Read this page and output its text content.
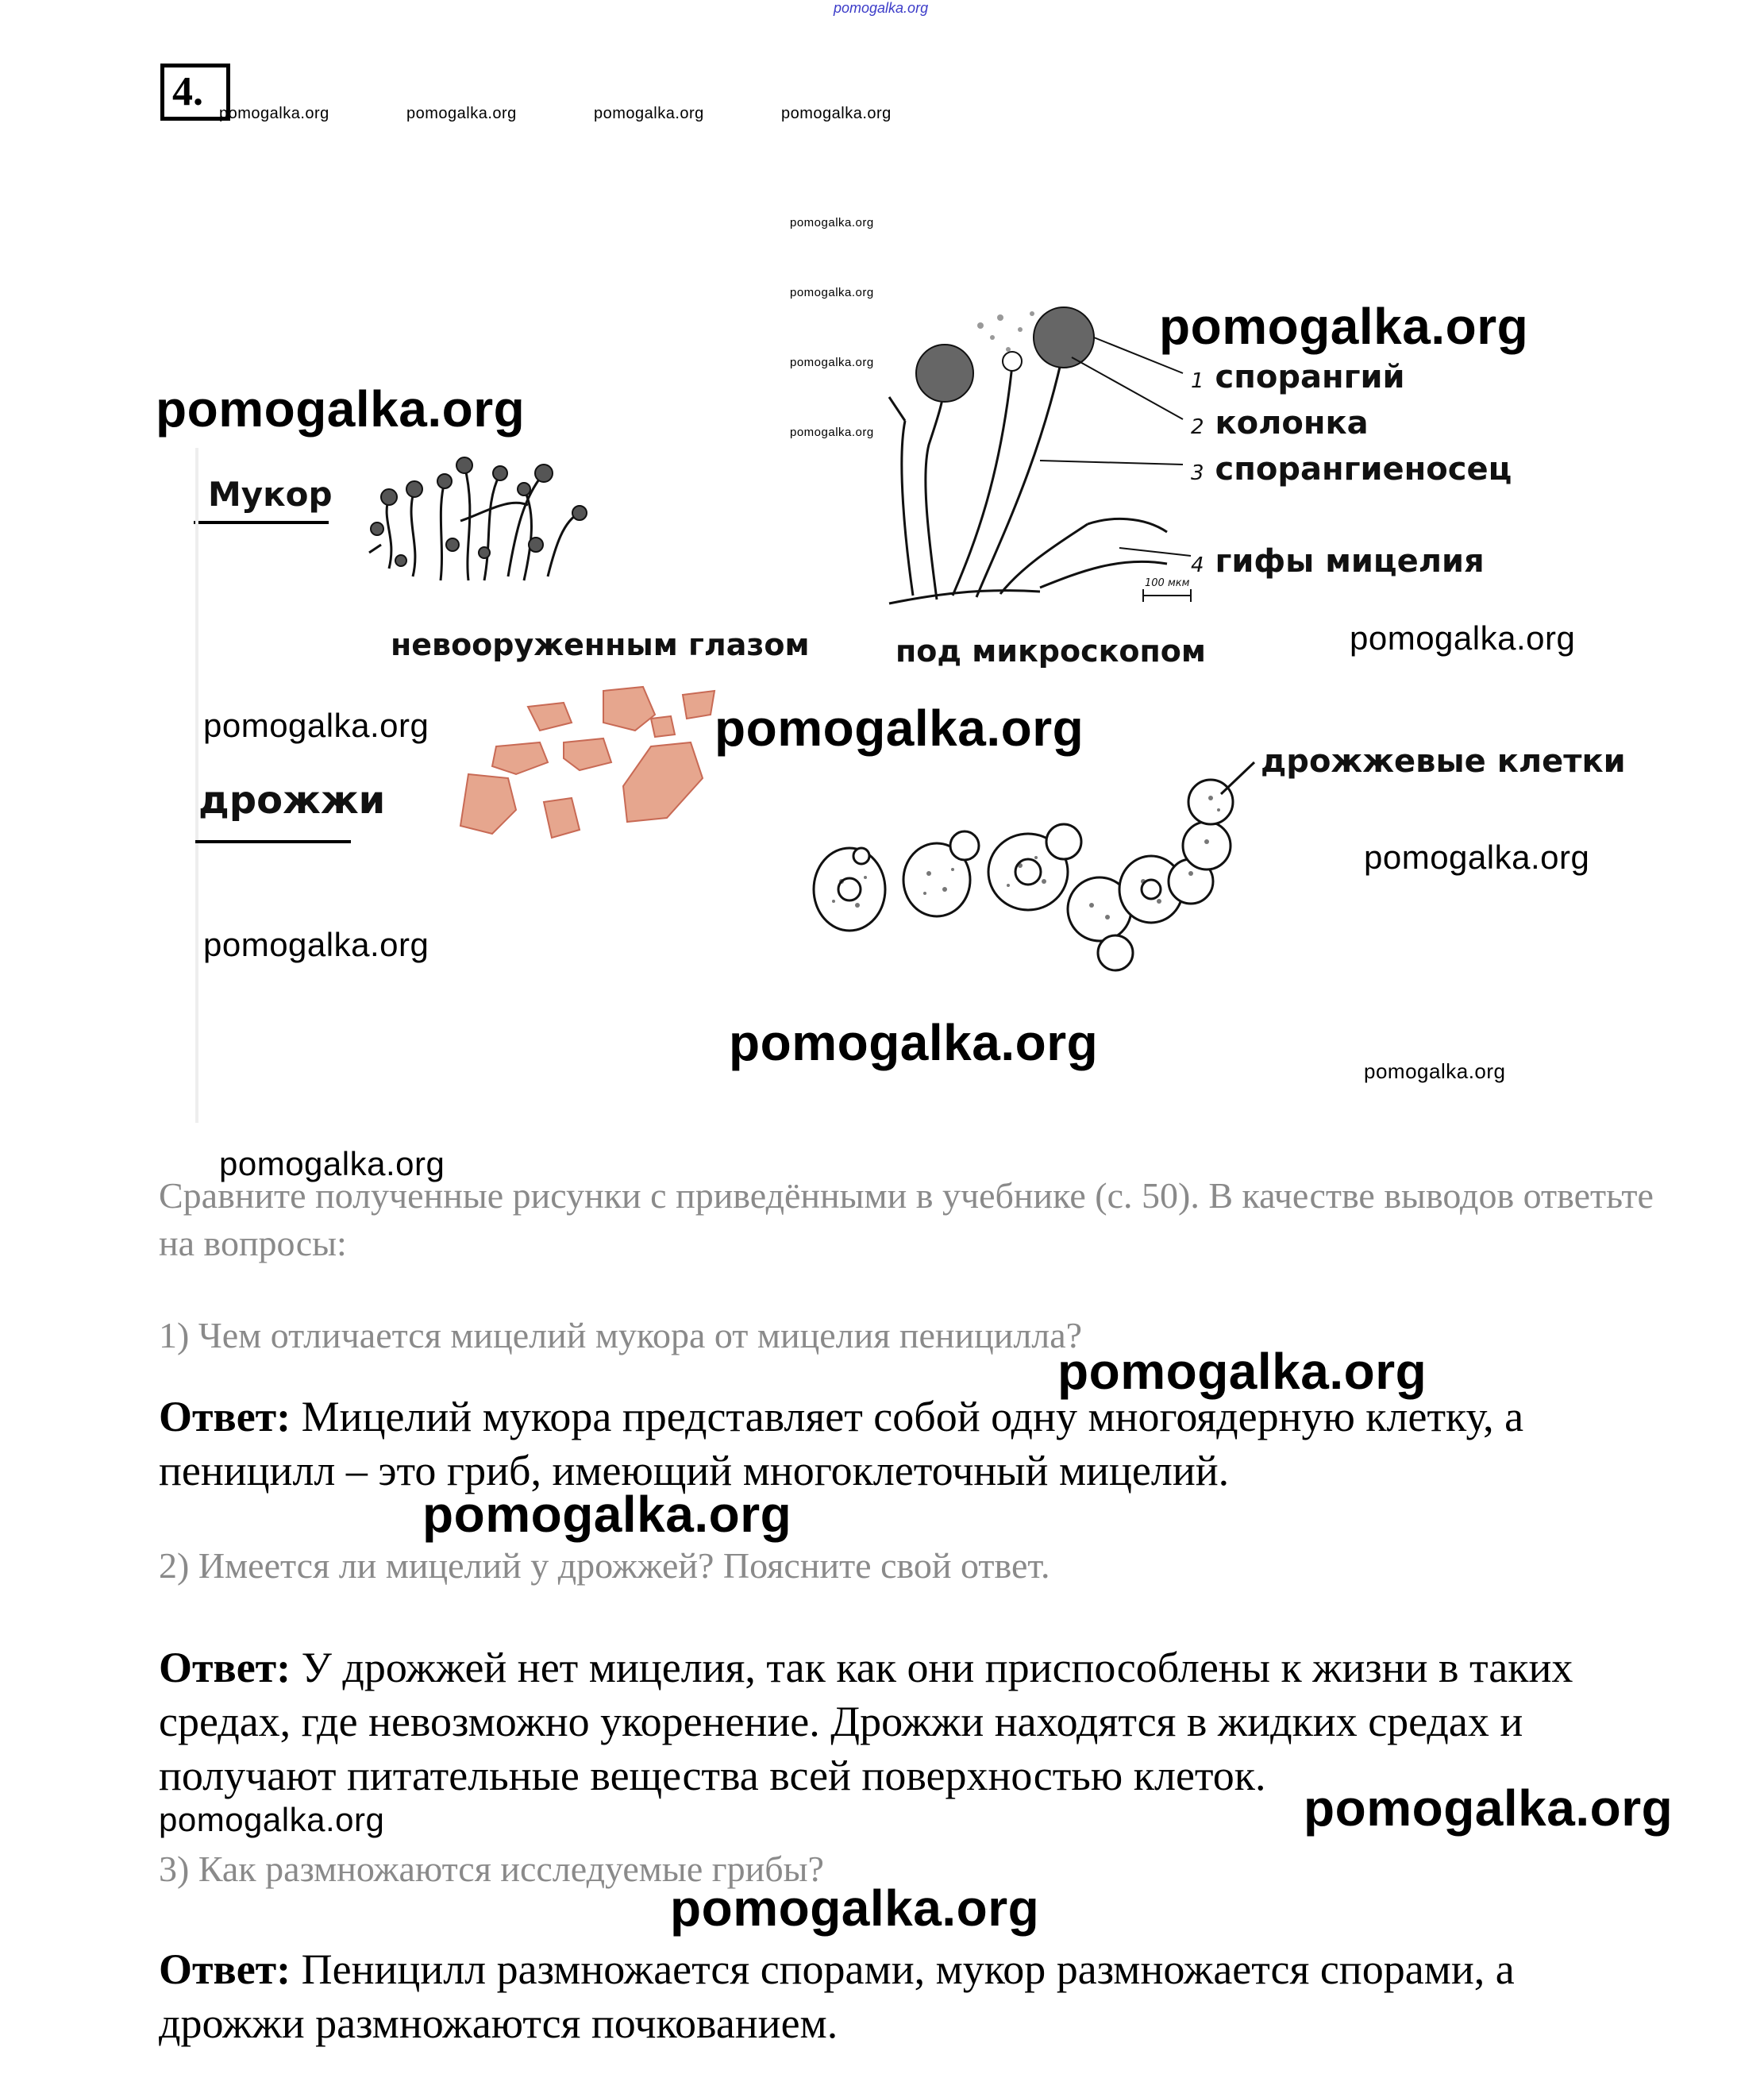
pomogalka.org
4.	pomogalka.org	pomogalka.org	pomogalka.org	pomogalka.org
pomogalka.org
pomogalka.org
pomogalka.org
pomogalka.org
pomogalka.org
pomogalka.org
Мукор
невооруженным глазом
100 мкм
1 спорангий
2 колонка
3 спорангиеносец
4 гифы мицелия
под микроскопом	pomogalka.org
pomogalka.org	pomogalka.org
дрожжи
дрожжевые клетки
pomogalka.org
pomogalka.org
pomogalka.org	pomogalka.org
pomogalka.org
Сравните полученные рисунки с приведёнными в учебнике (с. 50). В качестве выводов ответьте на вопросы:
1) Чем отличается мицелий мукора от мицелия пеницилла?
pomogalka.org
Ответ: Мицелий мукора представляет собой одну многоядерную клетку, а пеницилл – это гриб, имеющий многоклеточный мицелий.
pomogalka.org
2) Имеется ли мицелий у дрожжей? Поясните свой ответ.
Ответ: У дрожжей нет мицелия, так как они приспособлены к жизни в таких средах, где невозможно укоренение. Дрожжи находятся в жидких средах и получают питательные вещества всей поверхностью клеток.
pomogalka.org	pomogalka.org
3) Как размножаются исследуемые грибы?
pomogalka.org
Ответ: Пеницилл размножается спорами, мукор размножается спорами, а дрожжи размножаются почкованием.
